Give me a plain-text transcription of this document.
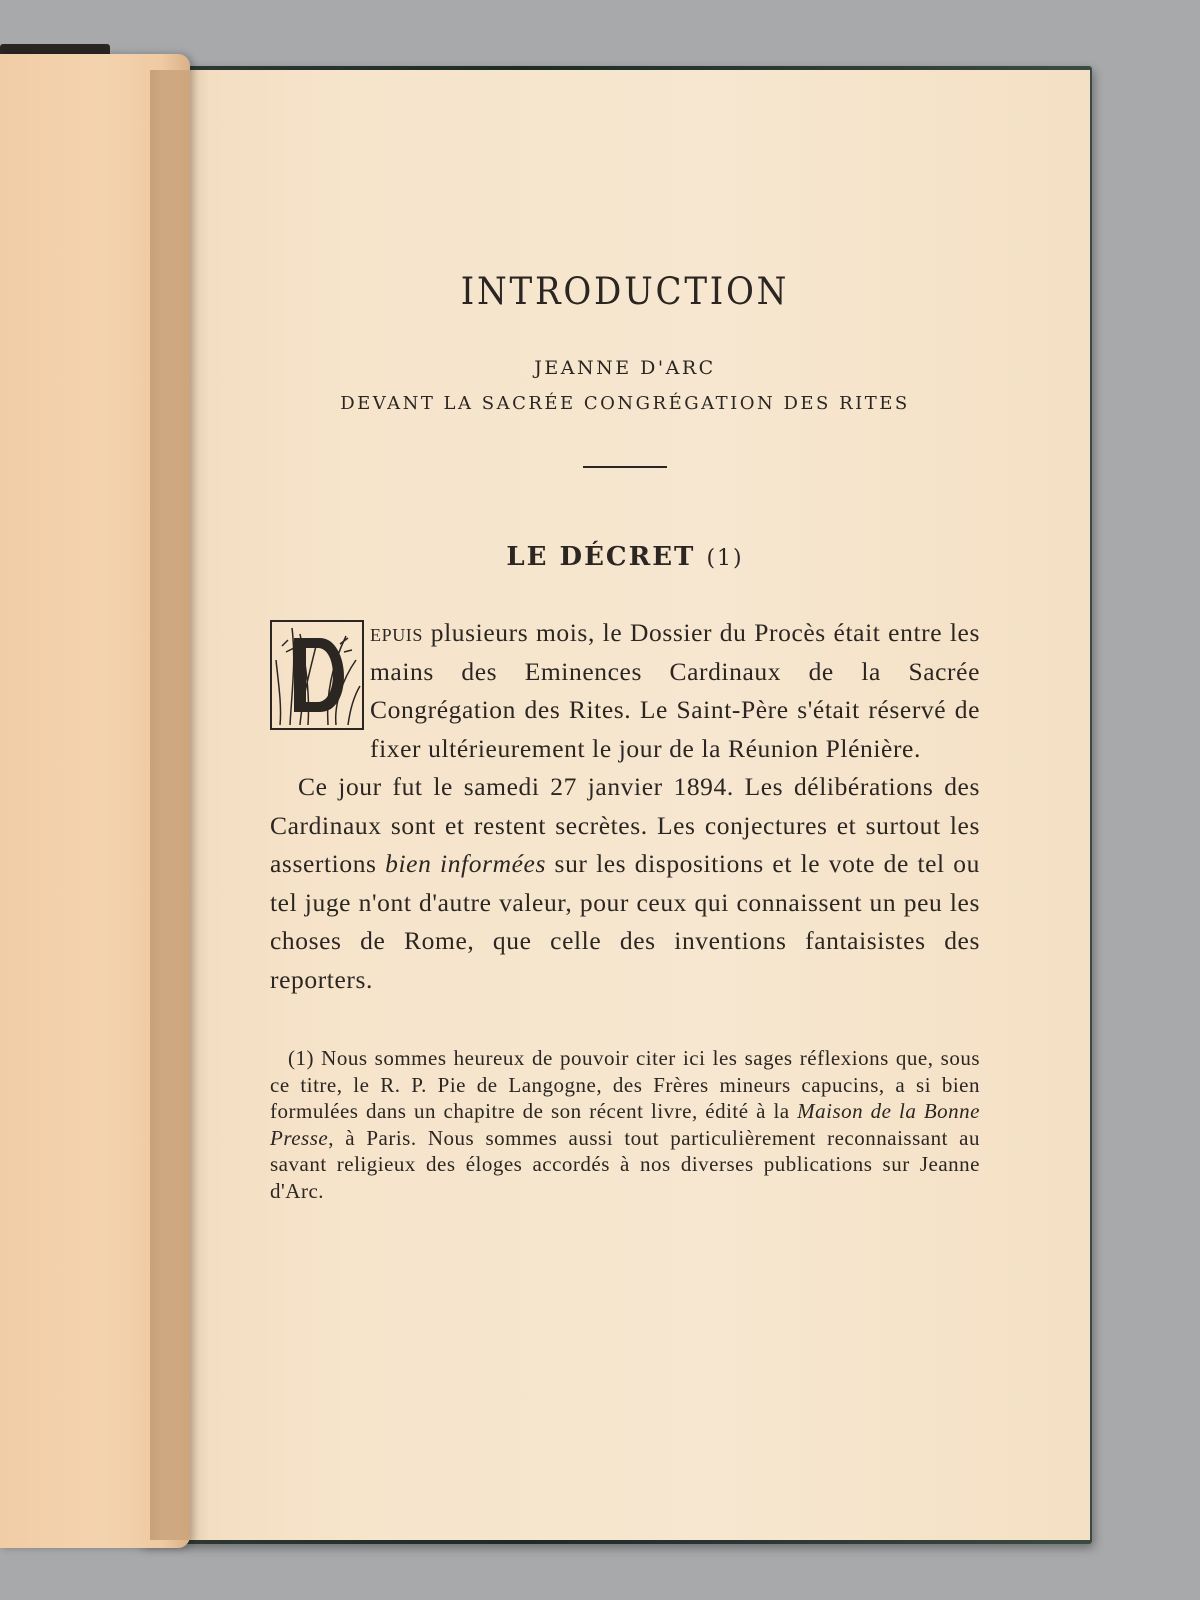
INTRODUCTION
JEANNE D'ARC
DEVANT LA SACRÉE CONGRÉGATION DES RITES
LE DÉCRET (1)

D epuis plusieurs mois, le Dossier du Procès était entre les mains des Eminences Cardinaux de la Sacrée Congrégation des Rites. Le Saint-Père s'était réservé de fixer ultérieurement le jour de la Réunion Plénière.

Ce jour fut le samedi 27 janvier 1894. Les délibérations des Cardinaux sont et restent secrètes. Les conjectures et surtout les assertions bien informées sur les dispositions et le vote de tel ou tel juge n'ont d'autre valeur, pour ceux qui connaissent un peu les choses de Rome, que celle des inventions fantaisistes des reporters.

(1) Nous sommes heureux de pouvoir citer ici les sages réflexions que, sous ce titre, le R. P. Pie de Langogne, des Frères mineurs capucins, a si bien formulées dans un chapitre de son récent livre, édité à la Maison de la Bonne Presse, à Paris. Nous sommes aussi tout particulièrement reconnaissant au savant religieux des éloges accordés à nos diverses publications sur Jeanne d'Arc.
